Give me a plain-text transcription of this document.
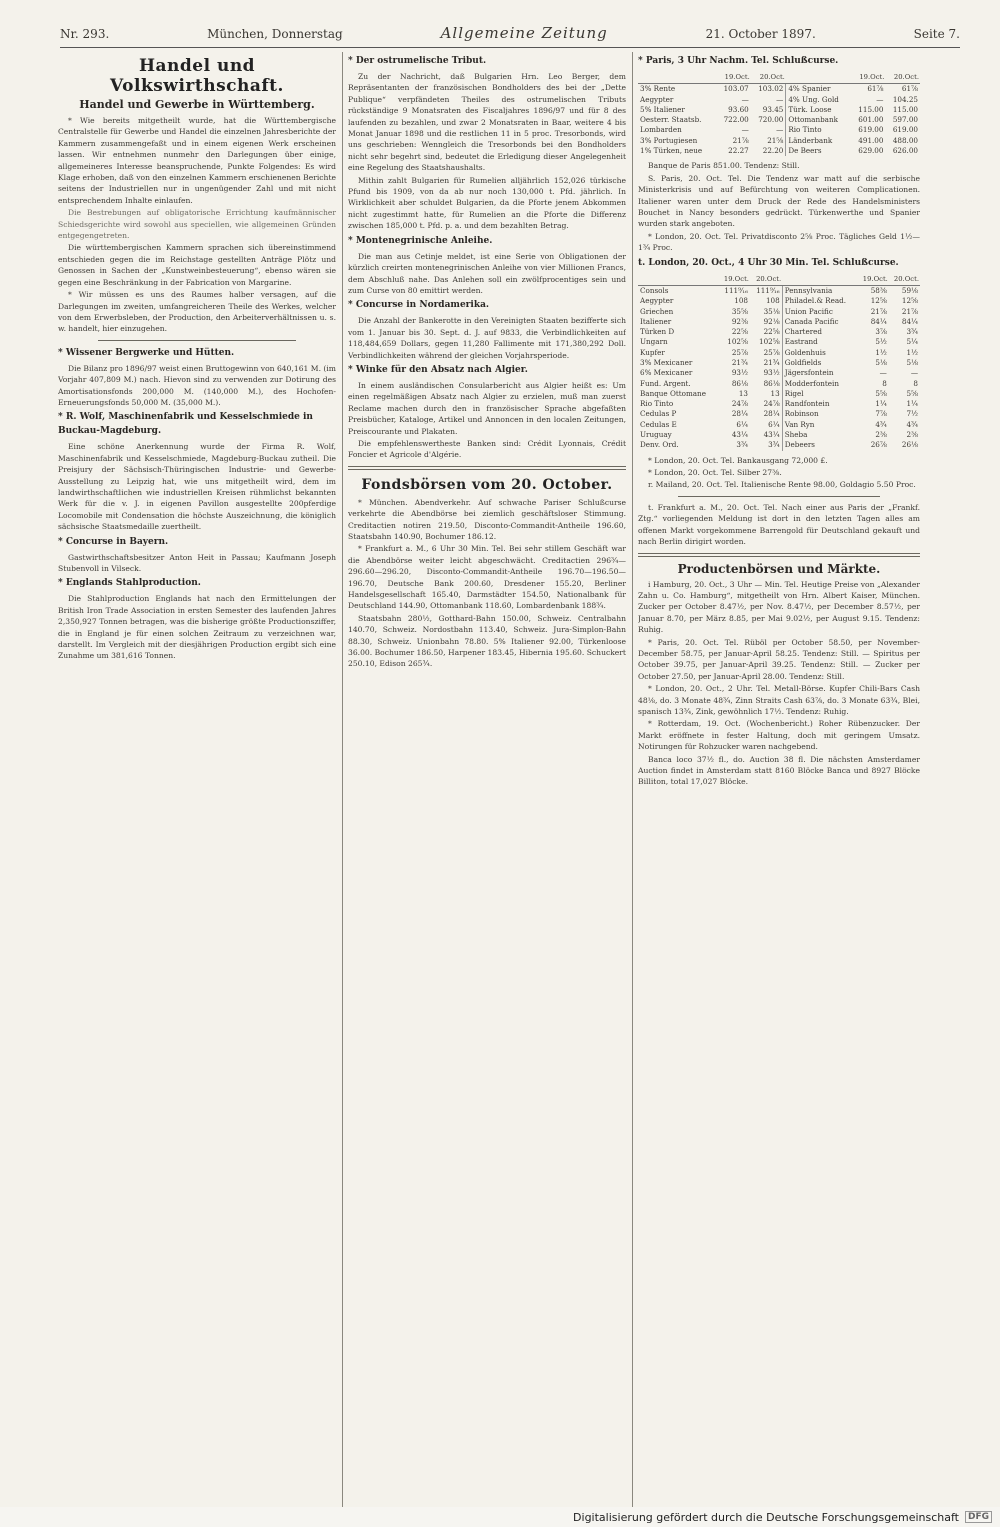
Nr. 293.	München, Donnerstag	Allgemeine Zeitung	21. October 1897.	Seite 7.
Handel und Volkswirthschaft.
Handel und Gewerbe in Württemberg.

* Wie bereits mitgetheilt wurde, hat die Württembergische Centralstelle für Gewerbe und Handel die einzelnen Jahresberichte der Kammern zusammengefaßt und in einem eigenen Werk erscheinen lassen. Wir entnehmen nunmehr den Darlegungen über einige, allgemeineres Interesse beanspruchende, Punkte Folgendes: Es wird Klage erhoben, daß von den einzelnen Kammern erschienenen Berichte seitens der Industriellen nur in ungenügender Zahl und mit nicht entsprechendem Inhalte einlaufen.

Die Bestrebungen auf obligatorische Errichtung kaufmännischer Schiedsgerichte wird sowohl aus speciellen, wie allgemeinen Gründen entgegengetreten.

Die württembergischen Kammern sprachen sich übereinstimmend entschieden gegen die im Reichstage gestellten Anträge Plötz und Genossen in Sachen der „Kunstweinbesteuerung“, ebenso wären sie gegen eine Beschränkung in der Fabrication von Margarine.

* Wir müssen es uns des Raumes halber versagen, auf die Darlegungen im zweiten, umfangreicheren Theile des Werkes, welcher von dem Erwerbsleben, der Production, den Arbeiterverhältnissen u. s. w. handelt, hier einzugehen.

* Wissener Bergwerke und Hütten.

Die Bilanz pro 1896/97 weist einen Bruttogewinn von 640,161 M. (im Vorjahr 407,809 M.) nach. Hievon sind zu verwenden zur Dotirung des Amortisationsfonds 200,000 M. (140,000 M.), des Hochofen-Erneuerungsfonds 50,000 M. (35,000 M.).

* R. Wolf, Maschinenfabrik und Kesselschmiede in Buckau-Magdeburg.

Eine schöne Anerkennung wurde der Firma R. Wolf, Maschinenfabrik und Kesselschmiede, Magdeburg-Buckau zutheil. Die Preisjury der Sächsisch-Thüringischen Industrie- und Gewerbe-Ausstellung zu Leipzig hat, wie uns mitgetheilt wird, dem im landwirthschaftlichen wie industriellen Kreisen rühmlichst bekannten Werk für die v. J. in eigenen Pavillon ausgestellte 200pferdige Locomobile mit Condensation die höchste Auszeichnung, die königlich sächsische Staatsmedaille zuertheilt.

* Concurse in Bayern.

Gastwirthschaftsbesitzer Anton Heit in Passau; Kaufmann Joseph Stubenvoll in Vilseck.

* Englands Stahlproduction.

Die Stahlproduction Englands hat nach den Ermittelungen der British Iron Trade Association in ersten Semester des laufenden Jahres 2,350,927 Tonnen betragen, was die bisherige größte Productionsziffer, die in England je für einen solchen Zeitraum zu verzeichnen war, darstellt. Im Vergleich mit der diesjährigen Production ergibt sich eine Zunahme um 381,616 Tonnen.

* Der ostrumelische Tribut.

Zu der Nachricht, daß Bulgarien Hrn. Leo Berger, dem Repräsentanten der französischen Bondholders des bei der „Dette Publique“ verpfändeten Theiles des ostrumelischen Tributs rückständige 9 Monatsraten des Fiscaljahres 1896/97 und für 8 des laufenden zu bezahlen, und zwar 2 Monatsraten in Baar, weitere 4 bis Monat Januar 1898 und die restlichen 11 in 5 proc. Tresorbonds, wird uns geschrieben: Wenngleich die Tresorbonds bei den Bondholders nicht sehr begehrt sind, bedeutet die Erledigung dieser Angelegenheit eine Regelung des Staatshaushalts.

Mithin zahlt Bulgarien für Rumelien alljährlich 152,026 türkische Pfund bis 1909, von da ab nur noch 130,000 t. Pfd. jährlich. In Wirklichkeit aber schuldet Bulgarien, da die Pforte jenem Abkommen nicht zugestimmt hatte, für Rumelien an die Pforte die Differenz zwischen 185,000 t. Pfd. p. a. und dem bezahlten Betrag.

* Montenegrinische Anleihe.

Die man aus Cetinje meldet, ist eine Serie von Obligationen der kürzlich creirten montenegrinischen Anleihe von vier Millionen Francs, dem Abschluß nahe. Das Anlehen soll ein zwölfprocentiges sein und zum Curse von 80 emittirt werden.

* Concurse in Nordamerika.

Die Anzahl der Bankerotte in den Vereinigten Staaten bezifferte sich vom 1. Januar bis 30. Sept. d. J. auf 9833, die Verbindlichkeiten auf 118,484,659 Dollars, gegen 11,280 Fallimente mit 171,380,292 Doll. Verbindlichkeiten während der gleichen Vorjahrsperiode.

* Winke für den Absatz nach Algier.

In einem ausländischen Consularbericht aus Algier heißt es: Um einen regelmäßigen Absatz nach Algier zu erzielen, muß man zuerst Reclame machen durch den in französischer Sprache abgefaßten Preisbücher, Kataloge, Artikel und Annoncen in den localen Zeitungen, Preiscourante und Plakaten.

Die empfehlenswertheste Banken sind: Crédit Lyonnais, Crédit Foncier et Agricole d'Algérie.

Fondsbörsen vom 20. October.

* München. Abendverkehr. Auf schwache Pariser Schlußcurse verkehrte die Abendbörse bei ziemlich geschäftsloser Stimmung. Creditactien notiren 219.50, Disconto-Commandit-Antheile 196.60, Staatsbahn 140.90, Bochumer 186.12.

* Frankfurt a. M., 6 Uhr 30 Min. Tel. Bei sehr stillem Geschäft war die Abendbörse weiter leicht abgeschwächt. Creditactien 296¾—296.60—296.20, Disconto-Commandit-Antheile 196.70—196.50—196.70, Deutsche Bank 200.60, Dresdener 155.20, Berliner Handelsgesellschaft 165.40, Darmstädter 154.50, Nationalbank für Deutschland 144.90, Ottomanbank 118.60, Lombardenbank 188¾.

Staatsbahn 280½, Gotthard-Bahn 150.00, Schweiz. Centralbahn 140.70, Schweiz. Nordostbahn 113.40, Schweiz. Jura-Simplon-Bahn 88.30, Schweiz. Unionbahn 78.80. 5% Italiener 92.00, Türkenloose 36.00. Bochumer 186.50, Harpener 183.45, Hibernia 195.60. Schuckert 250.10, Edison 265¾.

* Paris, 3 Uhr Nachm. Tel. Schlußcurse.
	19.Oct.	20.Oct.		19.Oct.	20.Oct.
3% Rente	103.07	103.02	4% Spanier	61⅞	61⅞
Aegypter	—	—	4% Ung. Gold	—	104.25
5% Italiener	93.60	93.45	Türk. Loose	115.00	115.00
Oesterr. Staatsb.	722.00	720.00	Ottomanbank	601.00	597.00
Lombarden	—	—	Rio Tinto	619.00	619.00
3% Portugiesen	21⅞	21⅝	Länderbank	491.00	488.00
1% Türken, neue	22.27	22.20	De Beers	629.00	626.00

Banque de Paris 851.00. Tendenz: Still.

S. Paris, 20. Oct. Tel. Die Tendenz war matt auf die serbische Ministerkrisis und auf Befürchtung von weiteren Complicationen. Italiener waren unter dem Druck der Rede des Handelsministers Bouchet in Nancy besonders gedrückt. Türkenwerthe und Spanier wurden stark angeboten.

* London, 20. Oct. Tel. Privatdisconto 2⅝ Proc. Tägliches Geld 1½—1¾ Proc.

t. London, 20. Oct., 4 Uhr 30 Min. Tel. Schlußcurse.
	19.Oct.	20.Oct.		19.Oct.	20.Oct.
Consols	111⁹⁄₁₆	111⁹⁄₁₆	Pennsylvania	58⅜	59⅛
Aegypter	108	108	Philadel.& Read.	12⅝	12⅝
Griechen	35⅝	35⅛	Union Pacific	21⅞	21⅞
Italiener	92⅜	92⅛	Canada Pacific	84¼	84¼
Türken D	22⅝	22⅝	Chartered	3⅞	3¾
Ungarn	102⅝	102⅝	Eastrand	5½	5¼
Kupfer	25⅞	25⅞	Goldenhuis	1½	1½
3% Mexicaner	21¾	21¾	Goldfields	5⅛	5⅛
6% Mexicaner	93½	93½	Jägersfontein	—	—
Fund. Argent.	86⅛	86⅛	Modderfontein	8	8
Banque Ottomane	13	13	Rigel	5⅝	5⅝
Rio Tinto	24⅞	24⅞	Randfontein	1¼	1¼
Cedulas P	28¼	28¼	Robinson	7⅞	7½
Cedulas E	6¼	6¼	Van Ryn	4¾	4¾
Uruguay	43¼	43¼	Sheba	2⅜	2⅜
Denv. Ord.	3¾	3¾	Debeers	26⅞	26⅛

* London, 20. Oct. Tel. Bankausgang 72,000 £.

* London, 20. Oct. Tel. Silber 27⅜.

r. Mailand, 20. Oct. Tel. Italienische Rente 98.00, Goldagio 5.50 Proc.

t. Frankfurt a. M., 20. Oct. Tel. Nach einer aus Paris der „Frankf. Ztg.“ vorliegenden Meldung ist dort in den letzten Tagen alles am offenen Markt vorgekommene Barrengold für Deutschland gekauft und nach Berlin dirigirt worden.

Productenbörsen und Märkte.

i Hamburg, 20. Oct., 3 Uhr — Min. Tel. Heutige Preise von „Alexander Zahn u. Co. Hamburg“, mitgetheilt von Hrn. Albert Kaiser, München. Zucker per October 8.47½, per Nov. 8.47½, per December 8.57½, per Januar 8.70, per März 8.85, per Mai 9.02½, per August 9.15. Tendenz: Ruhig.

* Paris, 20. Oct. Tel. Rüböl per October 58.50, per November-December 58.75, per Januar-April 58.25. Tendenz: Still. — Spiritus per October 39.75, per Januar-April 39.25. Tendenz: Still. — Zucker per October 27.50, per Januar-April 28.00. Tendenz: Still.

* London, 20. Oct., 2 Uhr. Tel. Metall-Börse. Kupfer Chili-Bars Cash 48⅛, do. 3 Monate 48¾, Zinn Straits Cash 63⅞, do. 3 Monate 63¾, Blei, spanisch 13¾, Zink, gewöhnlich 17½. Tendenz: Ruhig.

* Rotterdam, 19. Oct. (Wochenbericht.) Roher Rübenzucker. Der Markt eröffnete in fester Haltung, doch mit geringem Umsatz. Notirungen für Rohzucker waren nachgebend.

Banca loco 37½ fl., do. Auction 38 fl. Die nächsten Amsterdamer Auction findet in Amsterdam statt 8160 Blöcke Banca und 8927 Blöcke Billiton, total 17,027 Blöcke.

Digitalisierung gefördert durch die Deutsche Forschungsgemeinschaft	DFG
